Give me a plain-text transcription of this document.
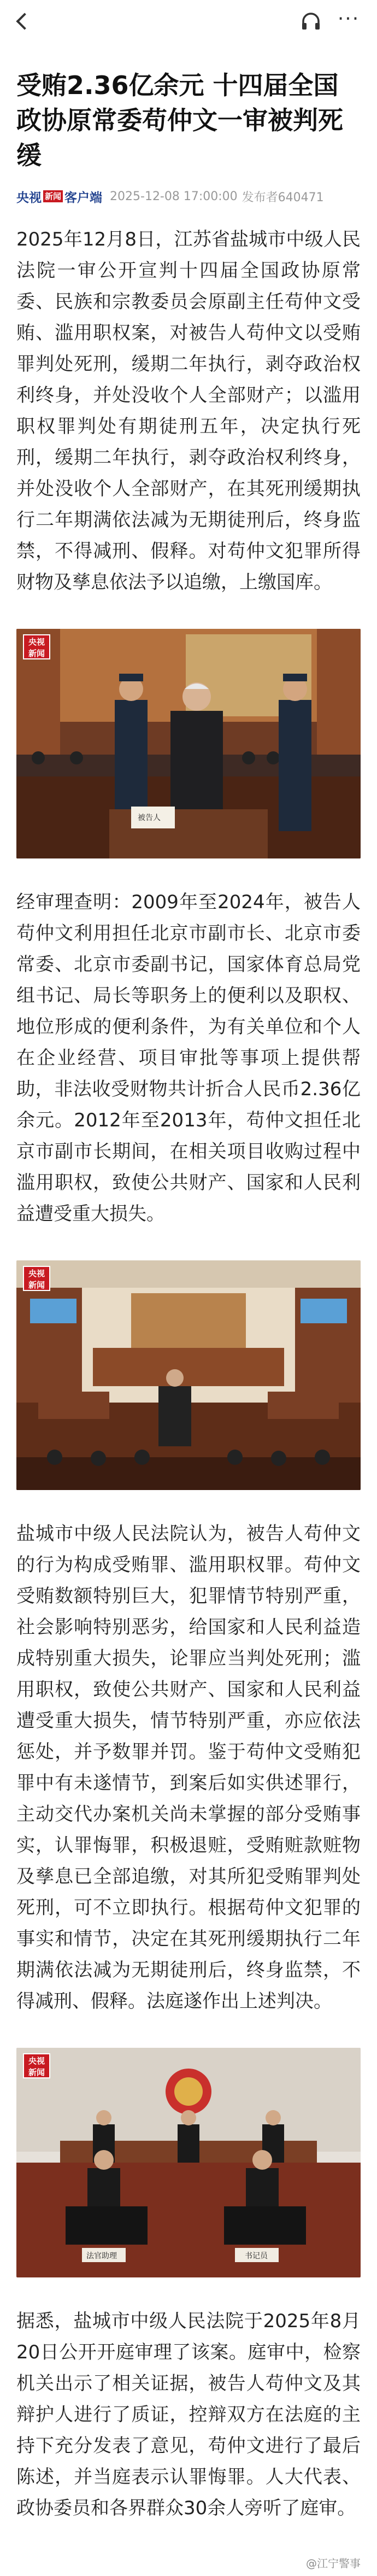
···
受贿2.36亿余元 十四届全国政协原常委苟仲文一审被判死缓
央视 新闻 客户端 2025-12-08 17:00:00 发布者640471

2025年12月8日，江苏省盐城市中级人民法院一审公开宣判十四届全国政协原常委、民族和宗教委员会原副主任苟仲文受贿、滥用职权案，对被告人苟仲文以受贿罪判处死刑，缓期二年执行，剥夺政治权利终身，并处没收个人全部财产；以滥用职权罪判处有期徒刑五年，决定执行死刑，缓期二年执行，剥夺政治权利终身，并处没收个人全部财产，在其死刑缓期执行二年期满依法减为无期徒刑后，终身监禁，不得减刑、假释。对苟仲文犯罪所得财物及孳息依法予以追缴，上缴国库。

被告人
央视
新闻

经审理查明：2009年至2024年，被告人苟仲文利用担任北京市副市长、北京市委常委、北京市委副书记，国家体育总局党组书记、局长等职务上的便利以及职权、地位形成的便利条件，为有关单位和个人在企业经营、项目审批等事项上提供帮助，非法收受财物共计折合人民币2.36亿余元。2012年至2013年，苟仲文担任北京市副市长期间，在相关项目收购过程中滥用职权，致使公共财产、国家和人民利益遭受重大损失。

央视
新闻

盐城市中级人民法院认为，被告人苟仲文的行为构成受贿罪、滥用职权罪。苟仲文受贿数额特别巨大，犯罪情节特别严重，社会影响特别恶劣，给国家和人民利益造成特别重大损失，论罪应当判处死刑；滥用职权，致使公共财产、国家和人民利益遭受重大损失，情节特别严重，亦应依法惩处，并予数罪并罚。鉴于苟仲文受贿犯罪中有未遂情节，到案后如实供述罪行，主动交代办案机关尚未掌握的部分受贿事实，认罪悔罪，积极退赃，受贿赃款赃物及孳息已全部追缴，对其所犯受贿罪判处死刑，可不立即执行。根据苟仲文犯罪的事实和情节，决定在其死刑缓期执行二年期满依法减为无期徒刑后，终身监禁，不得减刑、假释。法庭遂作出上述判决。

法官助理	书记员
央视
新闻

据悉，盐城市中级人民法院于2025年8月20日公开开庭审理了该案。庭审中，检察机关出示了相关证据，被告人苟仲文及其辩护人进行了质证，控辩双方在法庭的主持下充分发表了意见，苟仲文进行了最后陈述，并当庭表示认罪悔罪。人大代表、政协委员和各界群众30余人旁听了庭审。

@江宁警事
